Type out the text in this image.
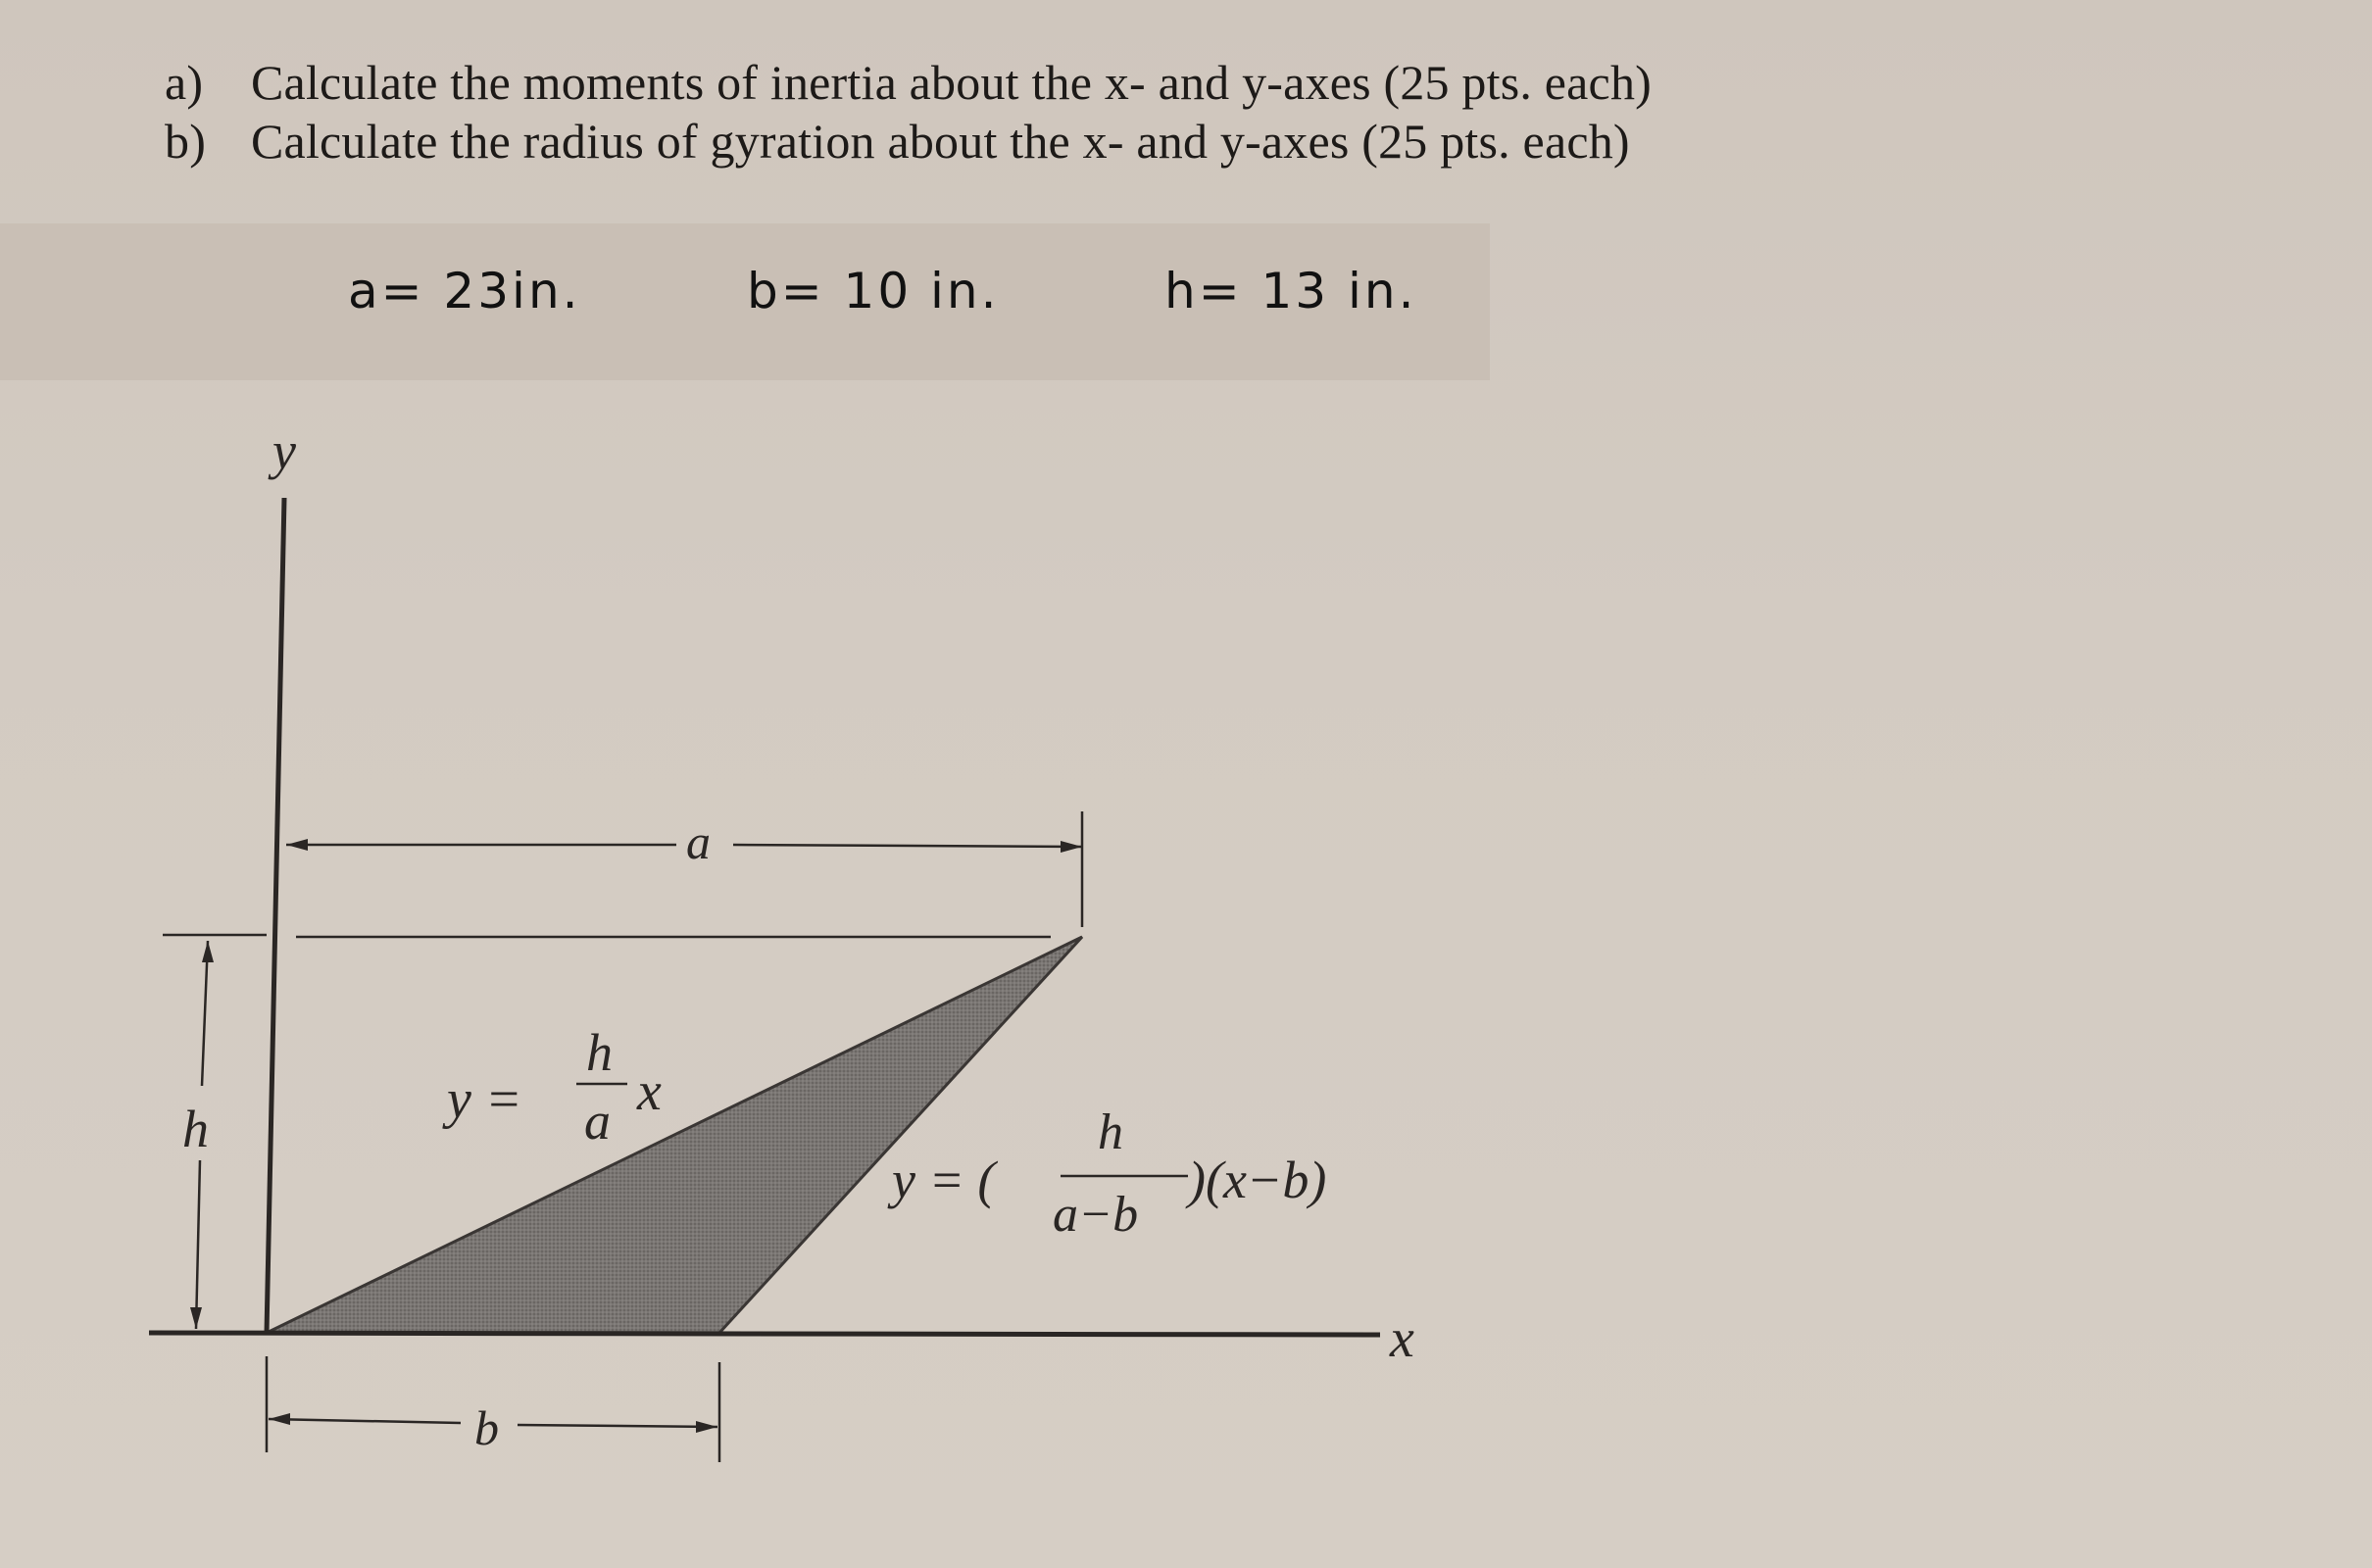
a) Calculate the moments of inertia about the x- and y-axes (25 pts. each)
b) Calculate the radius of gyration about the x- and y-axes (25 pts. each)
a= 23in.	b= 10 in.	h= 13 in.
y
x
a
h
b
y =
h
a x
y = (
h
a−b
)(x−b)
